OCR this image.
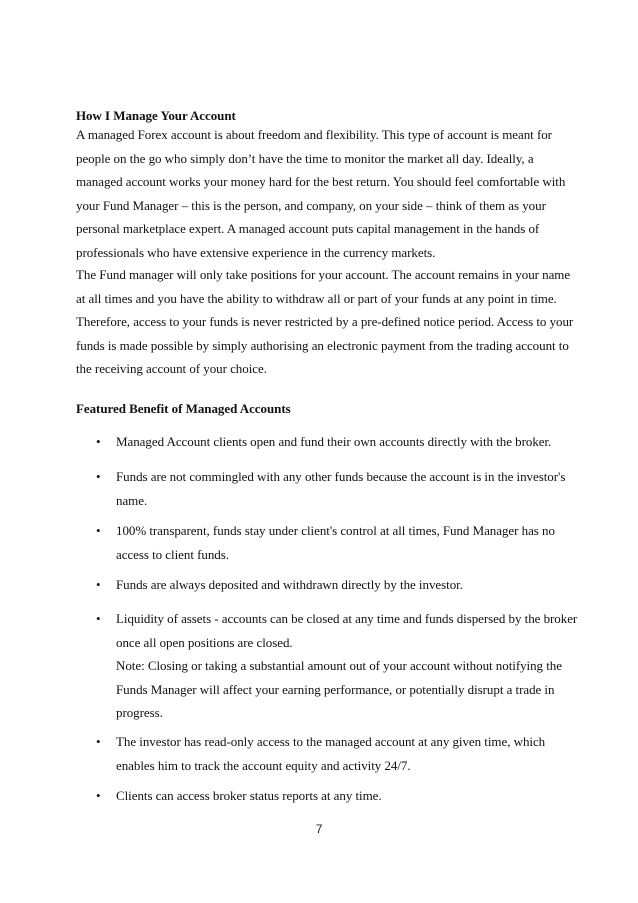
How I Manage Your Account
A managed Forex account is about freedom and flexibility. This type of account is meant for
people on the go who simply don’t have the time to monitor the market all day. Ideally, a
managed account works your money hard for the best return. You should feel comfortable with
your Fund Manager – this is the person, and company, on your side – think of them as your
personal marketplace expert. A managed account puts capital management in the hands of
professionals who have extensive experience in the currency markets.
The Fund manager will only take positions for your account. The account remains in your name
at all times and you have the ability to withdraw all or part of your funds at any point in time.
Therefore, access to your funds is never restricted by a pre-defined notice period. Access to your
funds is made possible by simply authorising an electronic payment from the trading account to
the receiving account of your choice.
Featured Benefit of Managed Accounts
• Managed Account clients open and fund their own accounts directly with the broker.
• Funds are not commingled with any other funds because the account is in the investor's
name.
• 100% transparent, funds stay under client's control at all times, Fund Manager has no
access to client funds.
• Funds are always deposited and withdrawn directly by the investor.
• Liquidity of assets - accounts can be closed at any time and funds dispersed by the broker
once all open positions are closed.
Note: Closing or taking a substantial amount out of your account without notifying the
Funds Manager will affect your earning performance, or potentially disrupt a trade in
progress.
• The investor has read-only access to the managed account at any given time, which
enables him to track the account equity and activity 24/7.
• Clients can access broker status reports at any time.
7
